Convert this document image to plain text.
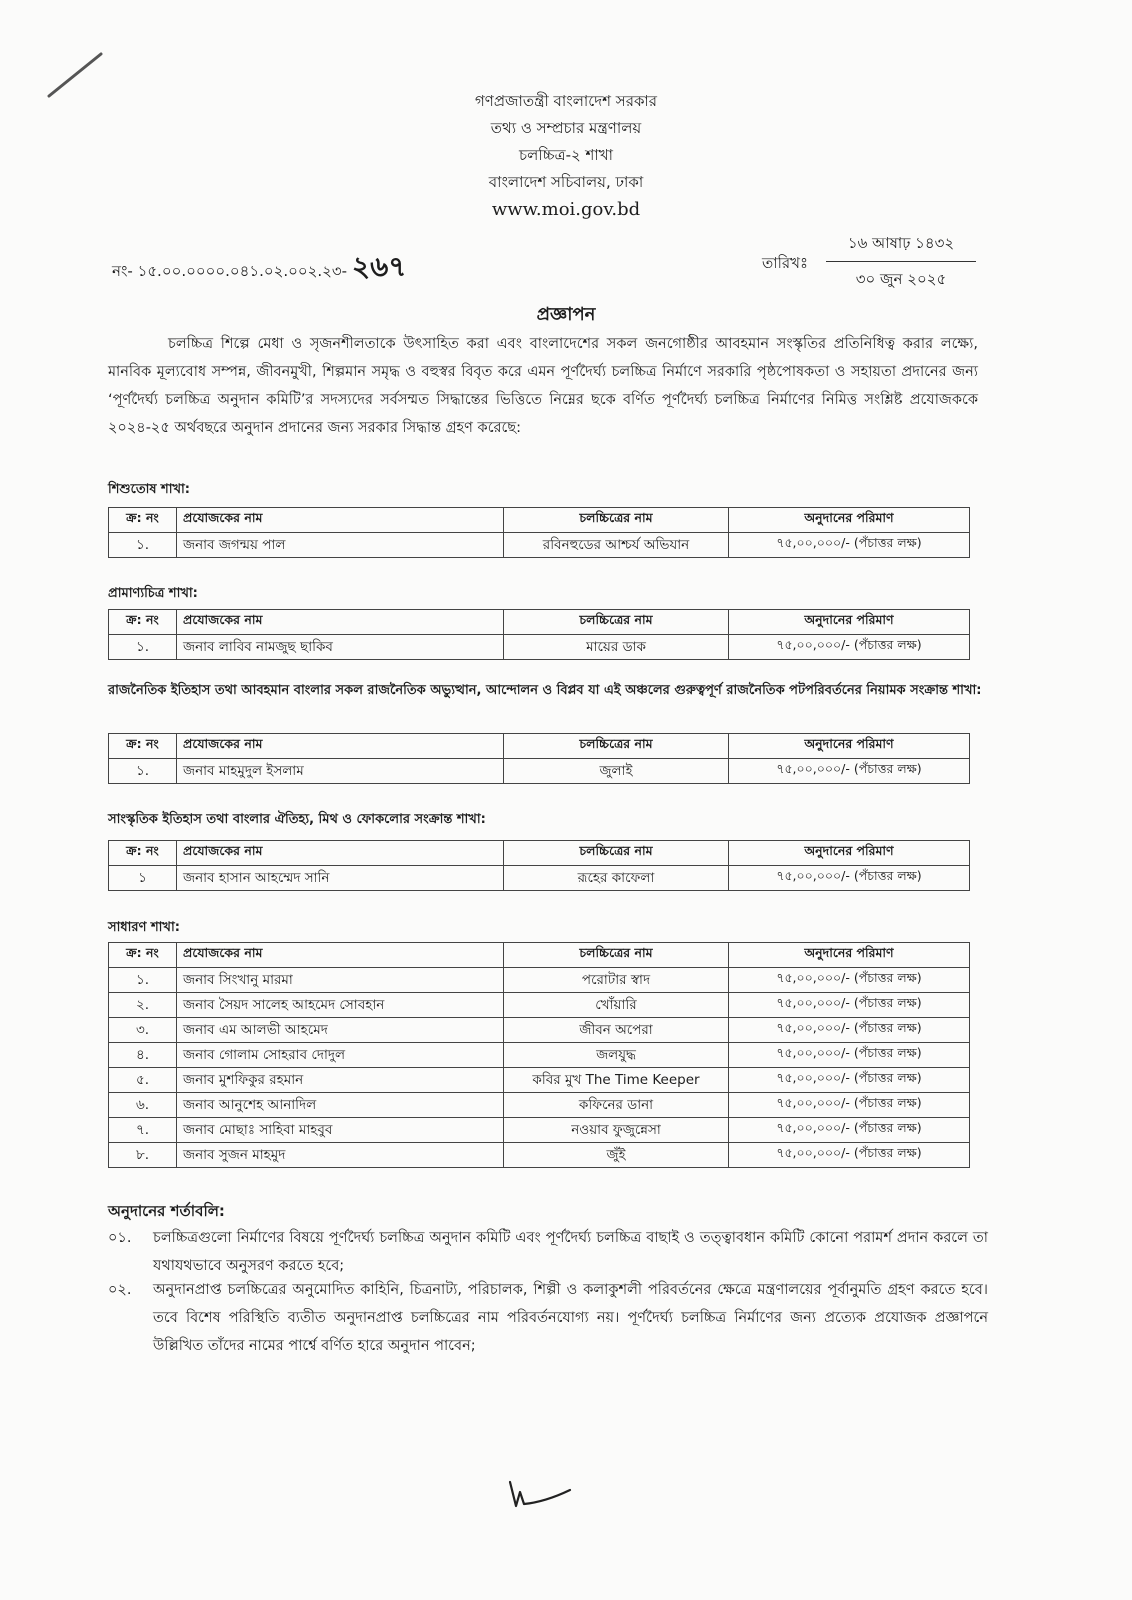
গণপ্রজাতন্ত্রী বাংলাদেশ সরকার
তথ্য ও সম্প্রচার মন্ত্রণালয়
চলচ্চিত্র-২ শাখা
বাংলাদেশ সচিবালয়, ঢাকা
www.moi.gov.bd
নং- ১৫.০০.০০০০.০৪১.০২.০০২.২৩- ২৬৭	তারিখঃ
১৬ আষাঢ় ১৪৩২
৩০ জুন ২০২৫
প্রজ্ঞাপন
চলচ্চিত্র শিল্পে মেধা ও সৃজনশীলতাকে উৎসাহিত করা এবং বাংলাদেশের সকল জনগোষ্ঠীর আবহমান সংস্কৃতির প্রতিনিধিত্ব করার লক্ষ্যে, মানবিক মূল্যবোধ সম্পন্ন, জীবনমুখী, শিল্পমান সমৃদ্ধ ও বহুস্বর বিবৃত করে এমন পূর্ণদৈর্ঘ্য চলচ্চিত্র নির্মাণে সরকারি পৃষ্ঠপোষকতা ও সহায়তা প্রদানের জন্য ‘পূর্ণদৈর্ঘ্য চলচ্চিত্র অনুদান কমিটি’র সদস্যদের সর্বসম্মত সিদ্ধান্তের ভিত্তিতে নিম্নের ছকে বর্ণিত পূর্ণদৈর্ঘ্য চলচ্চিত্র নির্মাণের নিমিত্ত সংশ্লিষ্ট প্রযোজককে ২০২৪-২৫ অর্থবছরে অনুদান প্রদানের জন্য সরকার সিদ্ধান্ত গ্রহণ করেছে:
শিশুতোষ শাখা:
ক্র: নং	প্রযোজকের নাম	চলচ্চিত্রের নাম	অনুদানের পরিমাণ
১.	জনাব জগন্ময় পাল	রবিনহুডের আশ্চর্য অভিযান	৭৫,০০,০০০/- (পঁচাত্তর লক্ষ)
প্রামাণ্যচিত্র শাখা:
ক্র: নং	প্রযোজকের নাম	চলচ্চিত্রের নাম	অনুদানের পরিমাণ
১.	জনাব লাবিব নামজুছ ছাকিব	মায়ের ডাক	৭৫,০০,০০০/- (পঁচাত্তর লক্ষ)
রাজনৈতিক ইতিহাস তথা আবহমান বাংলার সকল রাজনৈতিক অভ্যুত্থান, আন্দোলন ও বিপ্লব যা এই অঞ্চলের গুরুত্বপূর্ণ রাজনৈতিক পটপরিবর্তনের নিয়ামক সংক্রান্ত শাখা:
ক্র: নং	প্রযোজকের নাম	চলচ্চিত্রের নাম	অনুদানের পরিমাণ
১.	জনাব মাহমুদুল ইসলাম	জুলাই	৭৫,০০,০০০/- (পঁচাত্তর লক্ষ)
সাংস্কৃতিক ইতিহাস তথা বাংলার ঐতিহ্য, মিথ ও ফোকলোর সংক্রান্ত শাখা:
ক্র: নং	প্রযোজকের নাম	চলচ্চিত্রের নাম	অনুদানের পরিমাণ
১	জনাব হাসান আহম্মেদ সানি	রূহের কাফেলা	৭৫,০০,০০০/- (পঁচাত্তর লক্ষ)
সাধারণ শাখা:
ক্র: নং	প্রযোজকের নাম	চলচ্চিত্রের নাম	অনুদানের পরিমাণ
১.	জনাব সিংখানু মারমা	পরোটার স্বাদ	৭৫,০০,০০০/- (পঁচাত্তর লক্ষ)
২.	জনাব সৈয়দ সালেহ আহমেদ সোবহান	খোঁয়ারি	৭৫,০০,০০০/- (পঁচাত্তর লক্ষ)
৩.	জনাব এম আলভী আহমেদ	জীবন অপেরা	৭৫,০০,০০০/- (পঁচাত্তর লক্ষ)
৪.	জনাব গোলাম সোহরাব দোদুল	জলযুদ্ধ	৭৫,০০,০০০/- (পঁচাত্তর লক্ষ)
৫.	জনাব মুশফিকুর রহমান	কবির মুখ The Time Keeper	৭৫,০০,০০০/- (পঁচাত্তর লক্ষ)
৬.	জনাব আনুশেহ আনাদিল	কফিনের ডানা	৭৫,০০,০০০/- (পঁচাত্তর লক্ষ)
৭.	জনাব মোছাঃ সাহিবা মাহবুব	নওয়াব ফুজুন্নেসা	৭৫,০০,০০০/- (পঁচাত্তর লক্ষ)
৮.	জনাব সুজন মাহমুদ	জুঁই	৭৫,০০,০০০/- (পঁচাত্তর লক্ষ)
অনুদানের শর্তাবলি:
০১.	চলচ্চিত্রগুলো নির্মাণের বিষয়ে পূর্ণদৈর্ঘ্য চলচ্চিত্র অনুদান কমিটি এবং পূর্ণদৈর্ঘ্য চলচ্চিত্র বাছাই ও তত্ত্বাবধান কমিটি কোনো পরামর্শ প্রদান করলে তা যথাযথভাবে অনুসরণ করতে হবে;
০২.	অনুদানপ্রাপ্ত চলচ্চিত্রের অনুমোদিত কাহিনি, চিত্রনাট্য, পরিচালক, শিল্পী ও কলাকুশলী পরিবর্তনের ক্ষেত্রে মন্ত্রণালয়ের পূর্বানুমতি গ্রহণ করতে হবে। তবে বিশেষ পরিস্থিতি ব্যতীত অনুদানপ্রাপ্ত চলচ্চিত্রের নাম পরিবর্তনযোগ্য নয়। পূর্ণদৈর্ঘ্য চলচ্চিত্র নির্মাণের জন্য প্রত্যেক প্রযোজক প্রজ্ঞাপনে উল্লিখিত তাঁদের নামের পার্শ্বে বর্ণিত হারে অনুদান পাবেন;
